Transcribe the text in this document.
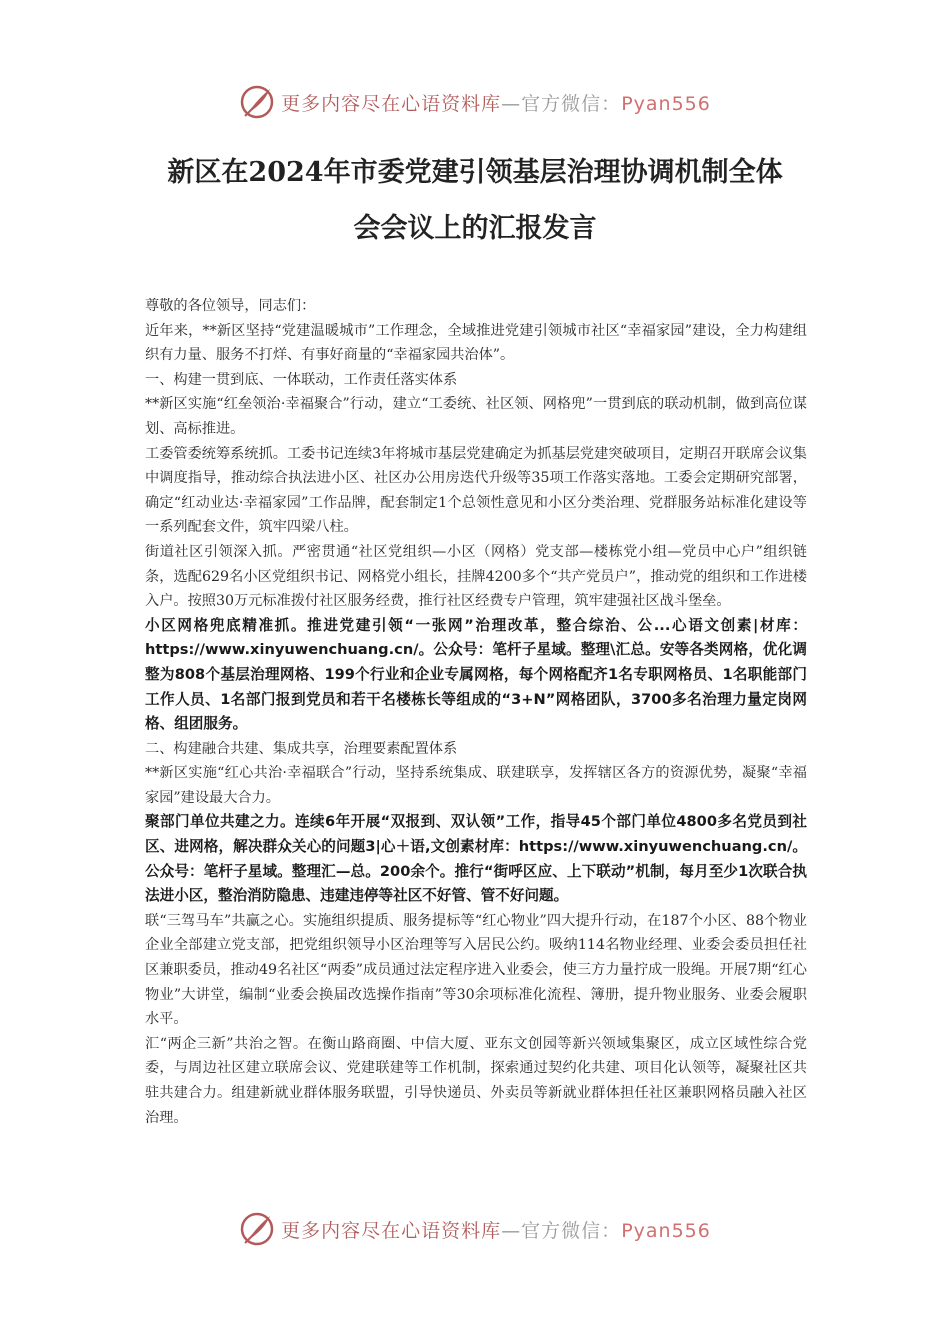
更多内容尽在心语资料库—官方微信：Pyan556
新区在2024年市委党建引领基层治理协调机制全体
会会议上的汇报发言

尊敬的各位领导，同志们：

近年来，**新区坚持“党建温暖城市”工作理念，全域推进党建引领城市社区“幸福家园”建设，全力构建组织有力量、服务不打烊、有事好商量的“幸福家园共治体”。

一、构建一贯到底、一体联动，工作责任落实体系

**新区实施“红垒领治·幸福聚合”行动，建立“工委统、社区领、网格兜”一贯到底的联动机制，做到高位谋划、高标推进。

工委管委统筹系统抓。工委书记连续3年将城市基层党建确定为抓基层党建突破项目，定期召开联席会议集中调度指导，推动综合执法进小区、社区办公用房迭代升级等35项工作落实落地。工委会定期研究部署，确定“红动业达·幸福家园”工作品牌，配套制定1个总领性意见和小区分类治理、党群服务站标准化建设等一系列配套文件，筑牢四梁八柱。

街道社区引领深入抓。严密贯通“社区党组织—小区（网格）党支部—楼栋党小组—党员中心户”组织链条，选配629名小区党组织书记、网格党小组长，挂牌4200多个“共产党员户”，推动党的组织和工作进楼入户。按照30万元标准拨付社区服务经费，推行社区经费专户管理，筑牢建强社区战斗堡垒。

小区网格兜底精准抓。推进党建引领“一张网”治理改革，整合综治、公...心语文创素|材库：https://www.xinyuwenchuang.cn/。公众号：笔杆子星域。整理\汇总。安等各类网格，优化调整为808个基层治理网格、199个行业和企业专属网格，每个网格配齐1名专职网格员、1名职能部门工作人员、1名部门报到党员和若干名楼栋长等组成的“3+N”网格团队，3700多名治理力量定岗网格、组团服务。

二、构建融合共建、集成共享，治理要素配置体系

**新区实施“红心共治·幸福联合”行动，坚持系统集成、联建联享，发挥辖区各方的资源优势，凝聚“幸福家园”建设最大合力。

聚部门单位共建之力。连续6年开展“双报到、双认领”工作，指导45个部门单位4800多名党员到社区、进网格，解决群众关心的问题3|心＋语,文创素材库：https://www.xinyuwenchuang.cn/。公众号：笔杆子星域。整理汇—总。200余个。推行“街呼区应、上下联动”机制，每月至少1次联合执法进小区，整治消防隐患、违建违停等社区不好管、管不好问题。

联“三驾马车”共赢之心。实施组织提质、服务提标等“红心物业”四大提升行动，在187个小区、88个物业企业全部建立党支部，把党组织领导小区治理等写入居民公约。吸纳114名物业经理、业委会委员担任社区兼职委员，推动49名社区“两委”成员通过法定程序进入业委会，使三方力量拧成一股绳。开展7期“红心物业”大讲堂，编制“业委会换届改选操作指南”等30余项标准化流程、簿册，提升物业服务、业委会履职水平。

汇“两企三新”共治之智。在衡山路商圈、中信大厦、亚东文创园等新兴领域集聚区，成立区域性综合党委，与周边社区建立联席会议、党建联建等工作机制，探索通过契约化共建、项目化认领等，凝聚社区共驻共建合力。组建新就业群体服务联盟，引导快递员、外卖员等新就业群体担任社区兼职网格员融入社区治理。

更多内容尽在心语资料库—官方微信：Pyan556
